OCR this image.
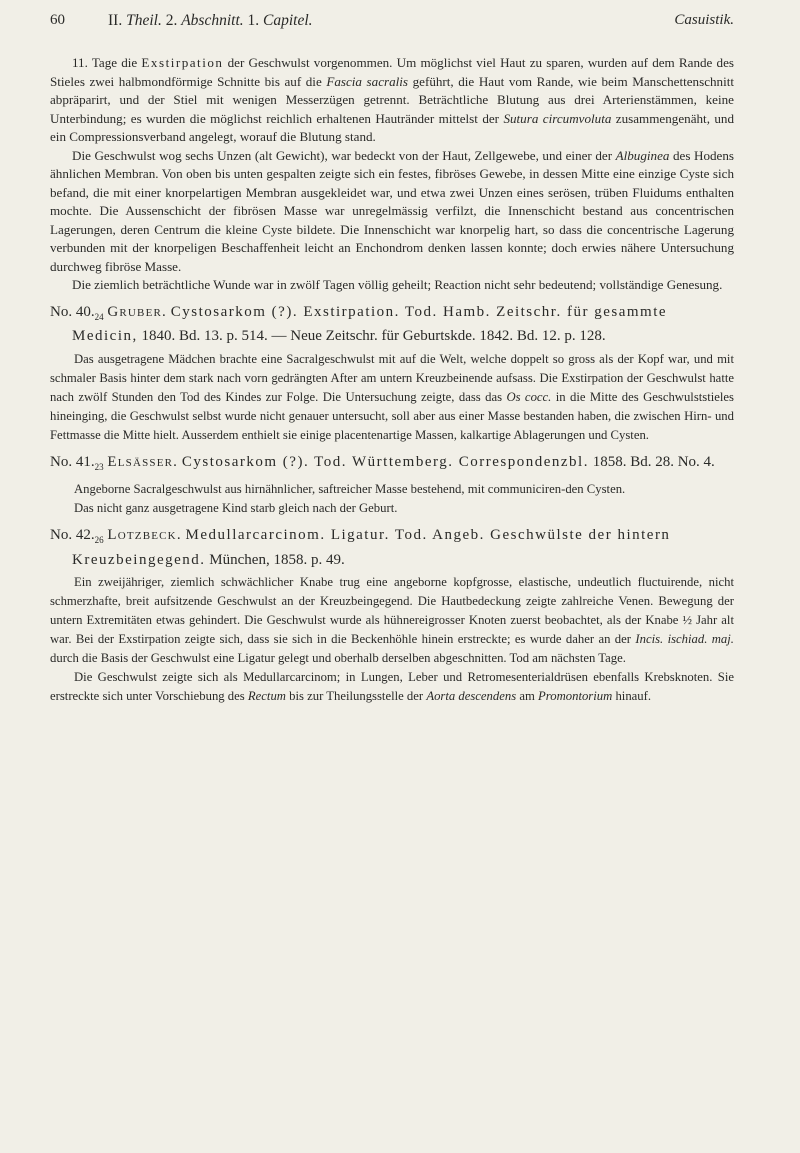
60	II. Theil. 2. Abschnitt. 1. Capitel.	Casuistik.

11. Tage die Exstirpation der Geschwulst vorgenommen. Um möglichst viel Haut zu sparen, wurden auf dem Rande des Stieles zwei halbmondförmige Schnitte bis auf die Fascia sacralis geführt, die Haut vom Rande, wie beim Manschettenschnitt abpräparirt, und der Stiel mit wenigen Messerzügen getrennt. Beträchtliche Blutung aus drei Arterienstämmen, keine Unterbindung; es wurden die möglichst reichlich erhaltenen Hautränder mittelst der Sutura circumvoluta zusammengenäht, und ein Compressionsverband angelegt, worauf die Blutung stand.

Die Geschwulst wog sechs Unzen (alt Gewicht), war bedeckt von der Haut, Zellgewebe, und einer der Albuginea des Hodens ähnlichen Membran. Von oben bis unten gespalten zeigte sich ein festes, fibröses Gewebe, in dessen Mitte eine einzige Cyste sich befand, die mit einer knorpelartigen Membran ausgekleidet war, und etwa zwei Unzen eines serösen, trüben Fluidums enthalten mochte. Die Aussenschicht der fibrösen Masse war unregelmässig verfilzt, die Innenschicht bestand aus concentrischen Lagerungen, deren Centrum die kleine Cyste bildete. Die Innenschicht war knorpelig hart, so dass die concentrische Lagerung verbunden mit der knorpeligen Beschaffenheit leicht an Enchondrom denken lassen konnte; doch erwies nähere Untersuchung durchweg fibröse Masse.

Die ziemlich beträchtliche Wunde war in zwölf Tagen völlig geheilt; Reaction nicht sehr bedeutend; vollständige Genesung.

No. $40._{24}$ Gruber. Cystosarkom (?). Exstirpation. Tod. Hamb. Zeitschr. für gesammte Medicin, 1840. Bd. 13. p. 514. — Neue Zeitschr. für Geburtskde. 1842. Bd. 12. p. 128.

Das ausgetragene Mädchen brachte eine Sacralgeschwulst mit auf die Welt, welche doppelt so gross als der Kopf war, und mit schmaler Basis hinter dem stark nach vorn gedrängten After am untern Kreuzbeinende aufsass. Die Exstirpation der Geschwulst hatte nach zwölf Stunden den Tod des Kindes zur Folge. Die Untersuchung zeigte, dass das Os cocc. in die Mitte des Geschwulststieles hineinging, die Geschwulst selbst wurde nicht genauer untersucht, soll aber aus einer Masse bestanden haben, die zwischen Hirn- und Fettmasse die Mitte hielt. Ausserdem enthielt sie einige placentenartige Massen, kalkartige Ablagerungen und Cysten.

No. $41._{23}$ Elsässer. Cystosarkom (?). Tod. Württemberg. Correspondenzbl. 1858. Bd. 28. No. 4.

Angeborne Sacralgeschwulst aus hirnähnlicher, saftreicher Masse bestehend, mit communiciren-den Cysten.

Das nicht ganz ausgetragene Kind starb gleich nach der Geburt.

No. $42._{26}$ Lotzbeck. Medullarcarcinom. Ligatur. Tod. Angeb. Geschwülste der hintern Kreuzbeingegend. München, 1858. p. 49.

Ein zweijähriger, ziemlich schwächlicher Knabe trug eine angeborne kopfgrosse, elastische, undeutlich fluctuirende, nicht schmerzhafte, breit aufsitzende Geschwulst an der Kreuzbeingegend. Die Hautbedeckung zeigte zahlreiche Venen. Bewegung der untern Extremitäten etwas gehindert. Die Geschwulst wurde als hühnereigrosser Knoten zuerst beobachtet, als der Knabe ½ Jahr alt war. Bei der Exstirpation zeigte sich, dass sie sich in die Beckenhöhle hinein erstreckte; es wurde daher an der Incis. ischiad. maj. durch die Basis der Geschwulst eine Ligatur gelegt und oberhalb derselben abgeschnitten. Tod am nächsten Tage.

Die Geschwulst zeigte sich als Medullarcarcinom; in Lungen, Leber und Retromesenterialdrüsen ebenfalls Krebsknoten. Sie erstreckte sich unter Vorschiebung des Rectum bis zur Theilungsstelle der Aorta descendens am Promontorium hinauf.
